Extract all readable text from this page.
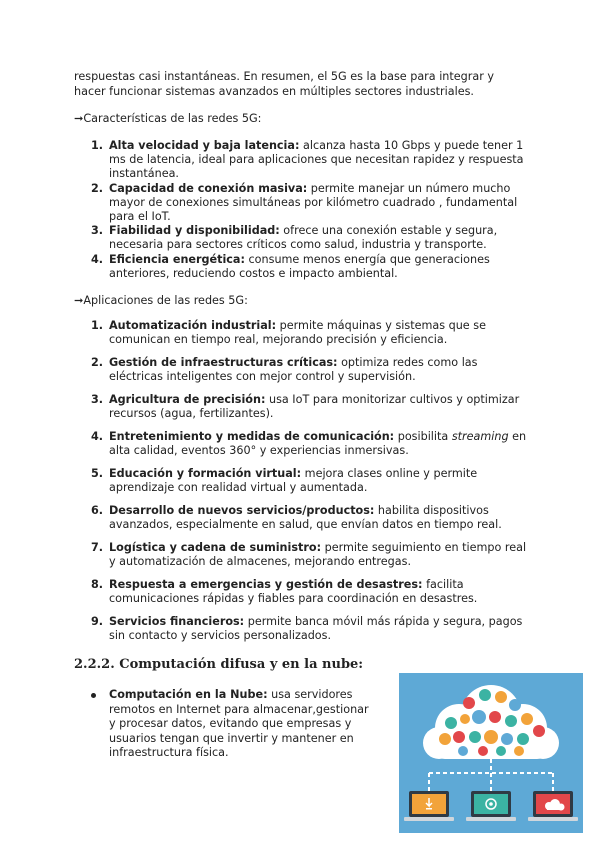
respuestas casi instantáneas. En resumen, el 5G es la base para integrar y
hacer funcionar sistemas avanzados en múltiples sectores industriales.

➞Características de las redes 5G:

1. Alta velocidad y baja latencia: alcanza hasta 10 Gbps y puede tener 1 ms de latencia, ideal para aplicaciones que necesitan rapidez y respuesta instantánea.
2. Capacidad de conexión masiva: permite manejar un número mucho mayor de conexiones simultáneas por kilómetro cuadrado , fundamental para el IoT.
3. Fiabilidad y disponibilidad: ofrece una conexión estable y segura, necesaria para sectores críticos como salud, industria y transporte.
4. Eficiencia energética: consume menos energía que generaciones anteriores, reduciendo costos e impacto ambiental.

➞Aplicaciones de las redes 5G:

1. Automatización industrial: permite máquinas y sistemas que se comunican en tiempo real, mejorando precisión y eficiencia.
2. Gestión de infraestructuras críticas: optimiza redes como las eléctricas inteligentes con mejor control y supervisión.
3. Agricultura de precisión: usa IoT para monitorizar cultivos y optimizar recursos (agua, fertilizantes).
4. Entretenimiento y medidas de comunicación: posibilita streaming en alta calidad, eventos 360° y experiencias inmersivas.
5. Educación y formación virtual: mejora clases online y permite aprendizaje con realidad virtual y aumentada.
6. Desarrollo de nuevos servicios/productos: habilita dispositivos avanzados, especialmente en salud, que envían datos en tiempo real.
7. Logística y cadena de suministro: permite seguimiento en tiempo real y automatización de almacenes, mejorando entregas.
8. Respuesta a emergencias y gestión de desastres: facilita comunicaciones rápidas y fiables para coordinación en desastres.
9. Servicios financieros: permite banca móvil más rápida y segura, pagos sin contacto y servicios personalizados.
2.2.2. Computación difusa y en la nube:
Computación en la Nube: usa servidores remotos en Internet para almacenar,gestionar y procesar datos, evitando que empresas y usuarios tengan que invertir y mantener en infraestructura física.
